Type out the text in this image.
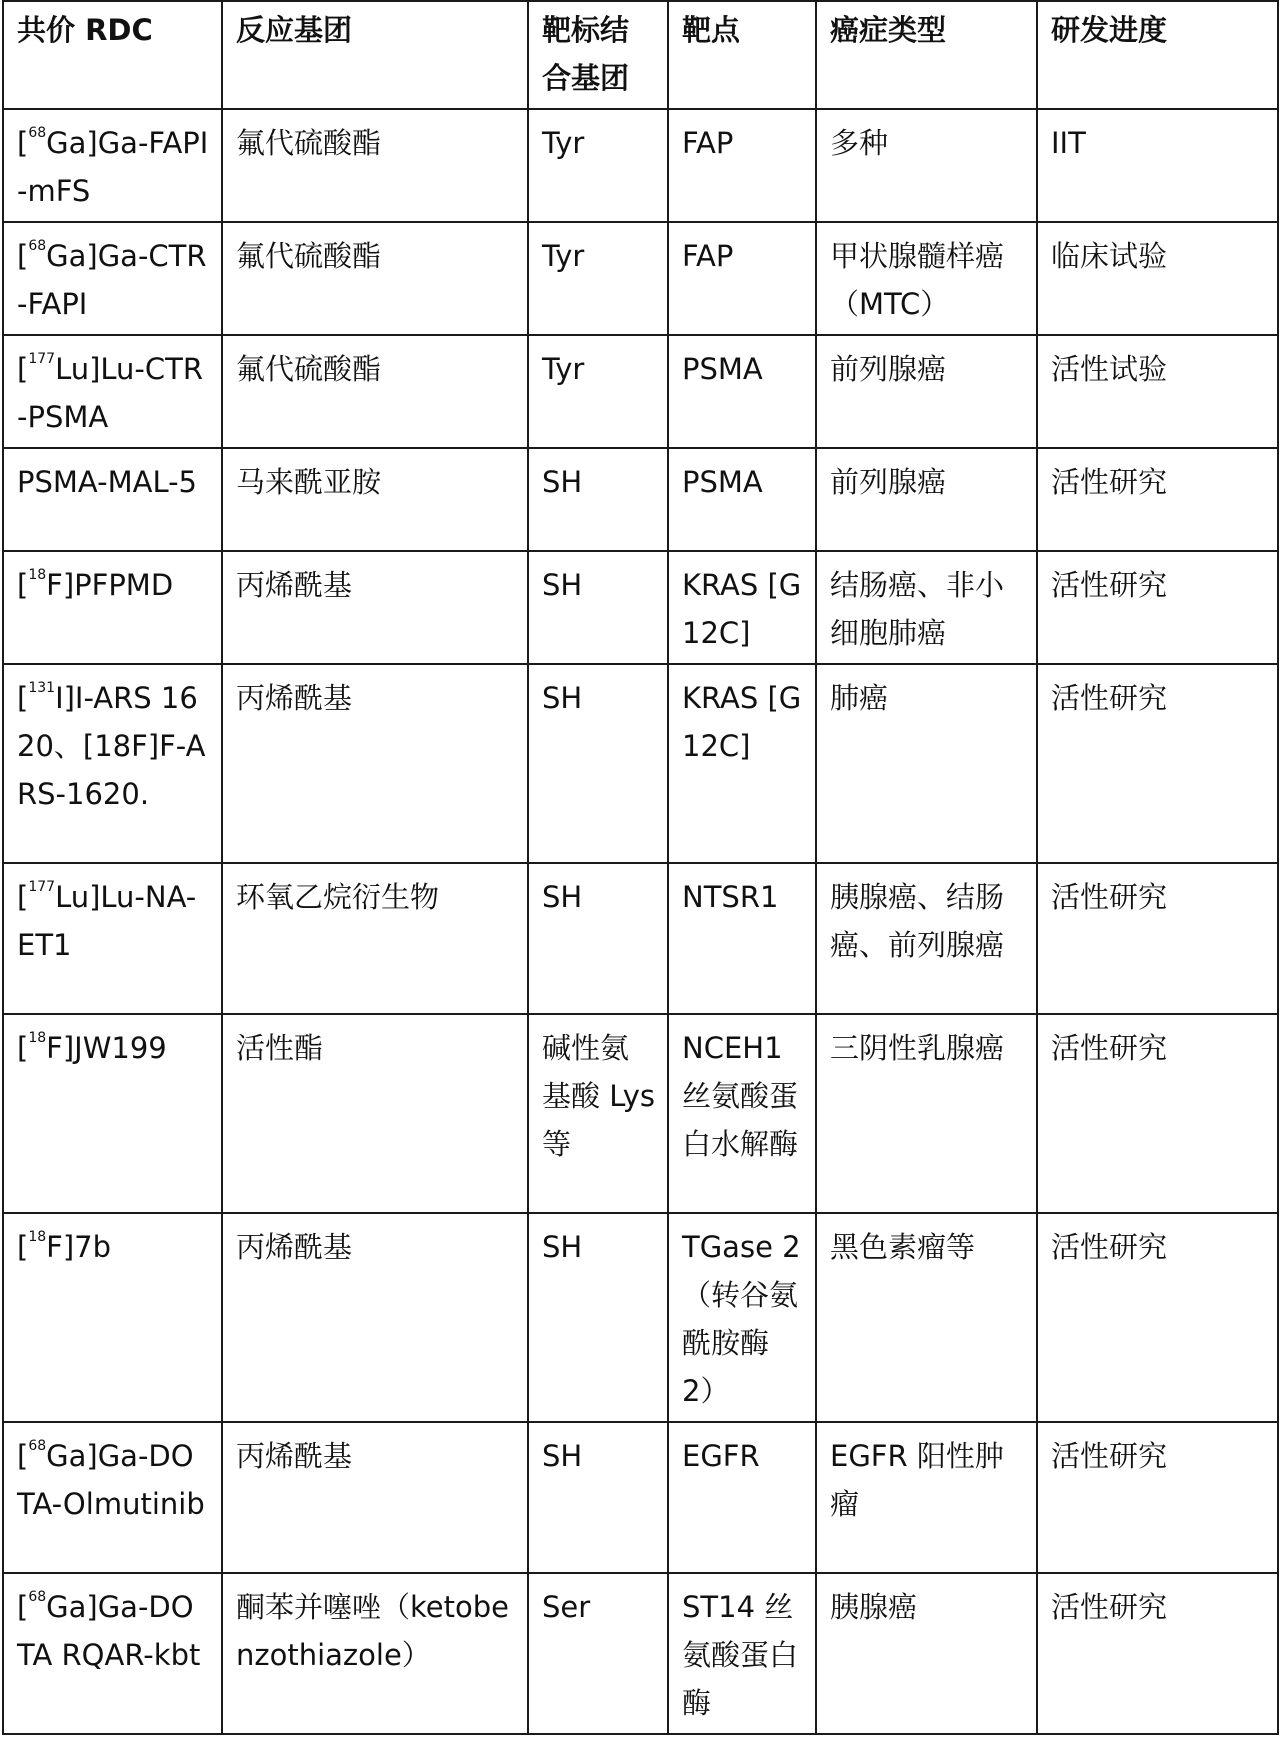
共价 RDC	反应基团	靶标结合基团	靶点	癌症类型	研发进度
[$^{68}$Ga]Ga-FAPI-mFS	氟代硫酸酯	Tyr	FAP	多种	IIT
[$^{68}$Ga]Ga-CTR-FAPI	氟代硫酸酯	Tyr	FAP	甲状腺髓样癌（MTC）	临床试验
[$^{177}$Lu]Lu-CTR-PSMA	氟代硫酸酯	Tyr	PSMA	前列腺癌	活性试验
PSMA-MAL-5	马来酰亚胺	SH	PSMA	前列腺癌	活性研究
[$^{18}$F]PFPMD	丙烯酰基	SH	KRAS [G12C]	结肠癌、非小细胞肺癌	活性研究
[$^{131}$I]I-ARS 1620、[18F]F-ARS-1620.	丙烯酰基	SH	KRAS [G12C]	肺癌	活性研究
[$^{177}$Lu]Lu-NA-ET1	环氧乙烷衍生物	SH	NTSR1	胰腺癌、结肠癌、前列腺癌	活性研究
[$^{18}$F]JW199	活性酯	碱性氨基酸 Lys 等	NCEH1 丝氨酸蛋白水解酶	三阴性乳腺癌	活性研究
[$^{18}$F]7b	丙烯酰基	SH	TGase 2（转谷氨酰胺酶 2）	黑色素瘤等	活性研究
[$^{68}$Ga]Ga-DOTA-Olmutinib	丙烯酰基	SH	EGFR	EGFR 阳性肿瘤	活性研究
[$^{68}$Ga]Ga-DOTA RQAR-kbt	酮苯并噻唑（ketobenzothiazole）	Ser	ST14 丝氨酸蛋白酶	胰腺癌	活性研究
